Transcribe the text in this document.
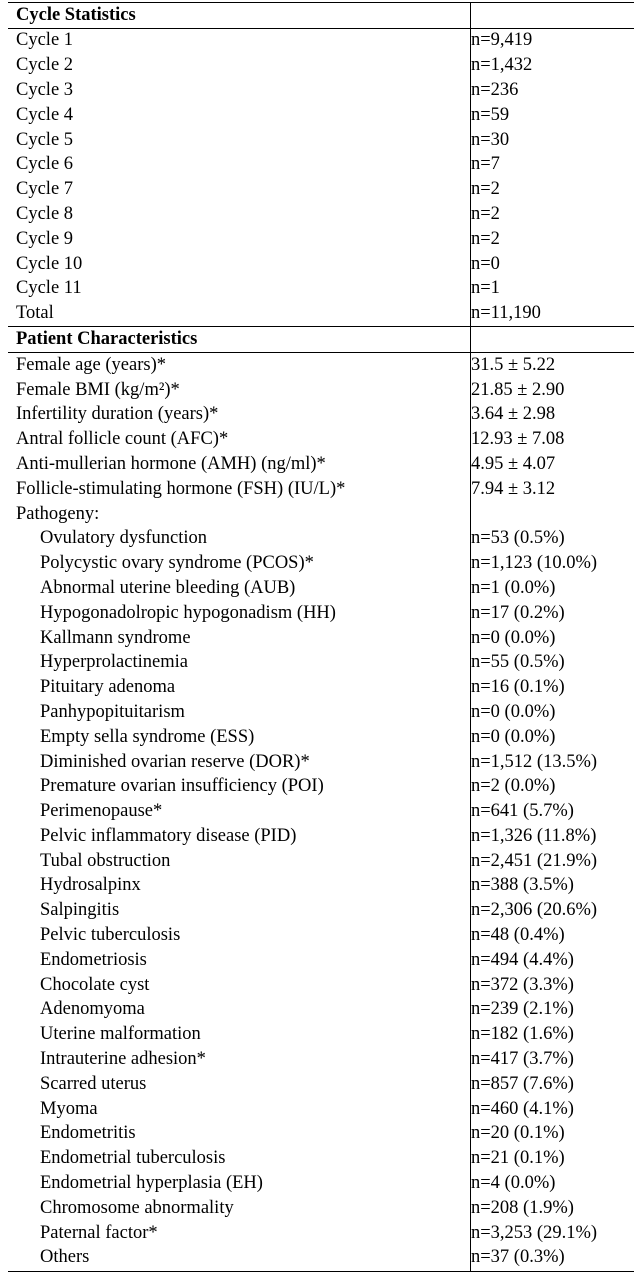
Cycle Statistics	
Cycle 1	n=9,419
Cycle 2	n=1,432
Cycle 3	n=236
Cycle 4	n=59
Cycle 5	n=30
Cycle 6	n=7
Cycle 7	n=2
Cycle 8	n=2
Cycle 9	n=2
Cycle 10	n=0
Cycle 11	n=1
Total	n=11,190
Patient Characteristics	
Female age (years)*	31.5 ± 5.22
Female BMI (kg/m²)*	21.85 ± 2.90
Infertility duration (years)*	3.64 ± 2.98
Antral follicle count (AFC)*	12.93 ± 7.08
Anti-mullerian hormone (AMH) (ng/ml)*	4.95 ± 4.07
Follicle-stimulating hormone (FSH) (IU/L)*	7.94 ± 3.12
Pathogeny:	
Ovulatory dysfunction	n=53 (0.5%)
Polycystic ovary syndrome (PCOS)*	n=1,123 (10.0%)
Abnormal uterine bleeding (AUB)	n=1 (0.0%)
Hypogonadolropic hypogonadism (HH)	n=17 (0.2%)
Kallmann syndrome	n=0 (0.0%)
Hyperprolactinemia	n=55 (0.5%)
Pituitary adenoma	n=16 (0.1%)
Panhypopituitarism	n=0 (0.0%)
Empty sella syndrome (ESS)	n=0 (0.0%)
Diminished ovarian reserve (DOR)*	n=1,512 (13.5%)
Premature ovarian insufficiency (POI)	n=2 (0.0%)
Perimenopause*	n=641 (5.7%)
Pelvic inflammatory disease (PID)	n=1,326 (11.8%)
Tubal obstruction	n=2,451 (21.9%)
Hydrosalpinx	n=388 (3.5%)
Salpingitis	n=2,306 (20.6%)
Pelvic tuberculosis	n=48 (0.4%)
Endometriosis	n=494 (4.4%)
Chocolate cyst	n=372 (3.3%)
Adenomyoma	n=239 (2.1%)
Uterine malformation	n=182 (1.6%)
Intrauterine adhesion*	n=417 (3.7%)
Scarred uterus	n=857 (7.6%)
Myoma	n=460 (4.1%)
Endometritis	n=20 (0.1%)
Endometrial tuberculosis	n=21 (0.1%)
Endometrial hyperplasia (EH)	n=4 (0.0%)
Chromosome abnormality	n=208 (1.9%)
Paternal factor*	n=3,253 (29.1%)
Others	n=37 (0.3%)
